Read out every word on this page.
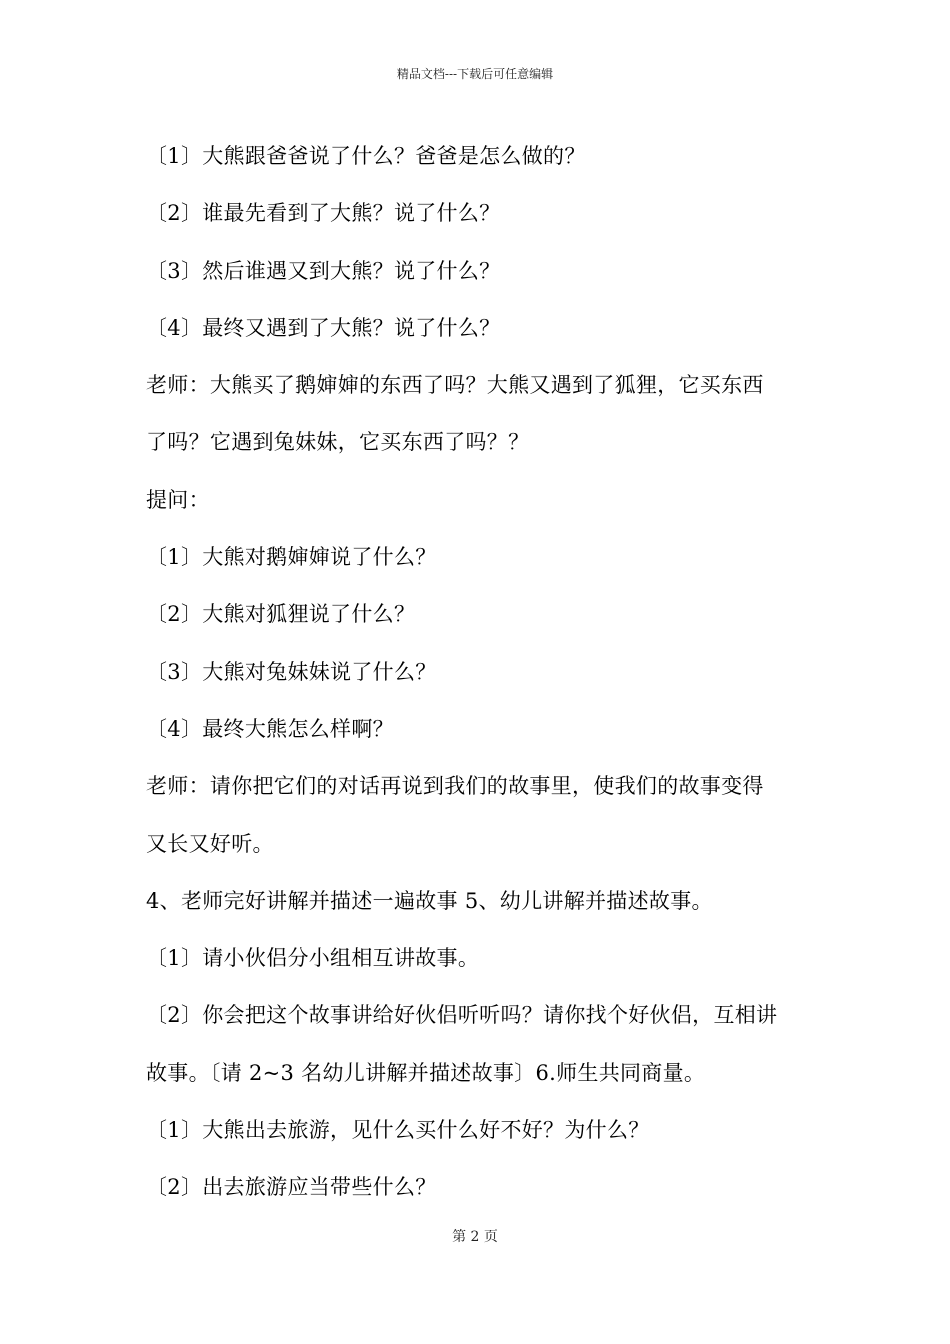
精品文档---下载后可任意编辑
〔1〕大熊跟爸爸说了什么？爸爸是怎么做的？
〔2〕谁最先看到了大熊？说了什么？
〔3〕然后谁遇又到大熊？说了什么？
〔4〕最终又遇到了大熊？说了什么？
老师：大熊买了鹅婶婶的东西了吗？大熊又遇到了狐狸，它买东西
了吗？它遇到兔妹妹，它买东西了吗？？
提问：
〔1〕大熊对鹅婶婶说了什么？
〔2〕大熊对狐狸说了什么？
〔3〕大熊对兔妹妹说了什么？
〔4〕最终大熊怎么样啊？
老师：请你把它们的对话再说到我们的故事里，使我们的故事变得
又长又好听。
4、老师完好讲解并描述一遍故事 5、幼儿讲解并描述故事。
〔1〕请小伙侣分小组相互讲故事。
〔2〕你会把这个故事讲给好伙侣听听吗？请你找个好伙侣，互相讲
故事。〔请 2~3 名幼儿讲解并描述故事〕6.师生共同商量。
〔1〕大熊出去旅游，见什么买什么好不好？为什么？
〔2〕出去旅游应当带些什么？
第 2 页
